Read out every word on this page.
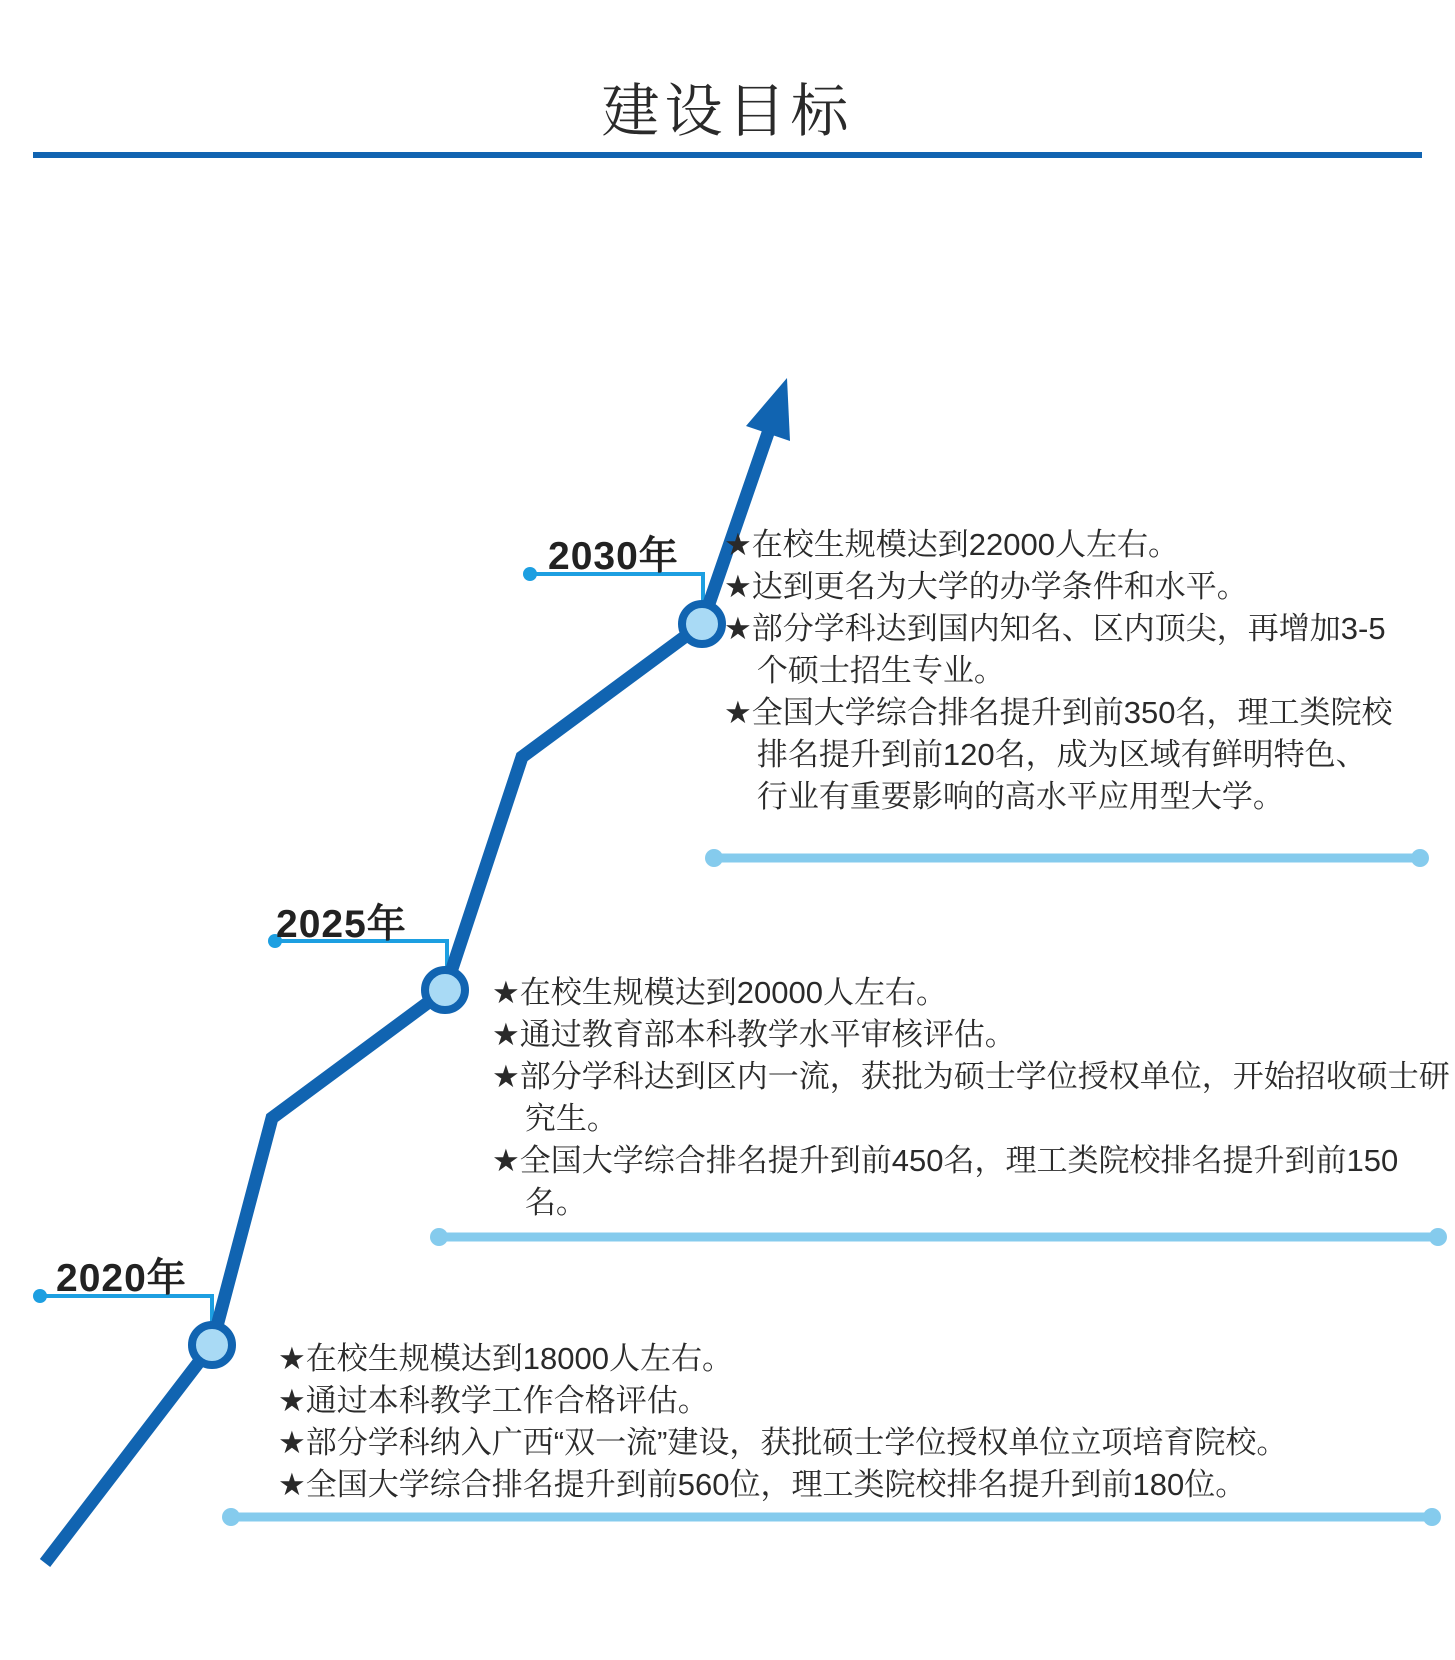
建设目标
2020年
2025年
2030年
★在校生规模达到18000人左右。
★通过本科教学工作合格评估。
★部分学科纳入广西“双一流”建设，获批硕士学位授权单位立项培育院校。
★全国大学综合排名提升到前560位，理工类院校排名提升到前180位。
★在校生规模达到20000人左右。
★通过教育部本科教学水平审核评估。
★部分学科达到区内一流，获批为硕士学位授权单位，开始招收硕士研究生。
★全国大学综合排名提升到前450名，理工类院校排名提升到前150名。
★在校生规模达到22000人左右。
★达到更名为大学的办学条件和水平。
★部分学科达到国内知名、区内顶尖，再增加3-5个硕士招生专业。
★全国大学综合排名提升到前350名，理工类院校排名提升到前120名，成为区域有鲜明特色、行业有重要影响的高水平应用型大学。
